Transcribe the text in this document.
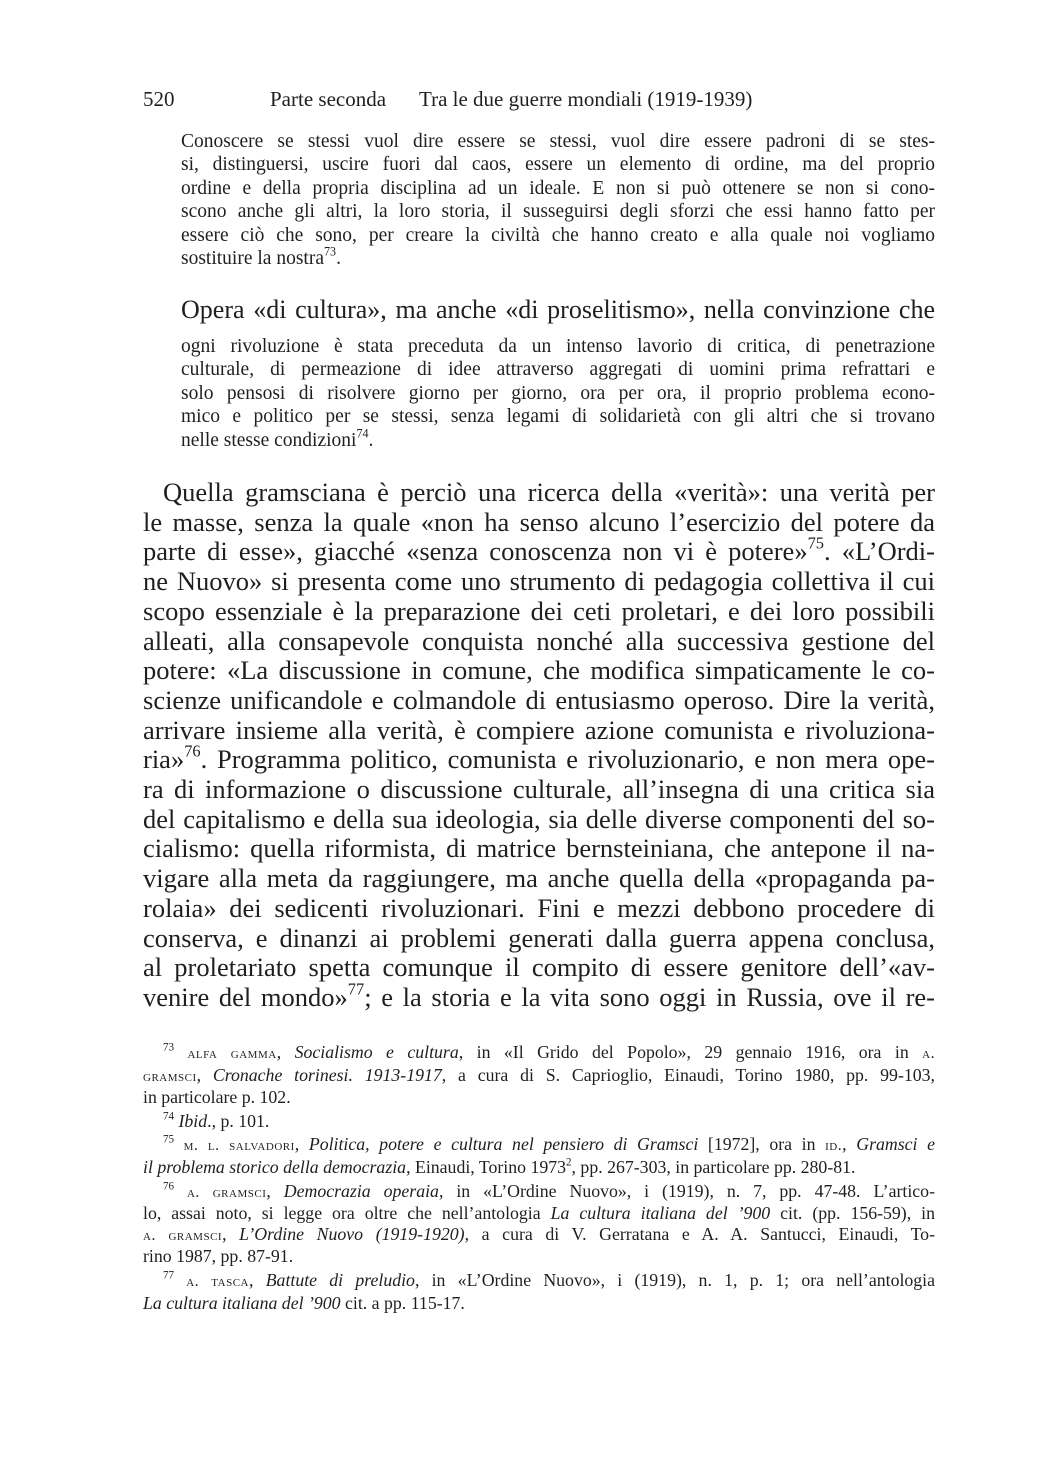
520	Parte seconda Tra le due guerre mondiali (1919-1939)
Conoscere se stessi vuol dire essere se stessi, vuol dire essere padroni di se stes-
si, distinguersi, uscire fuori dal caos, essere un elemento di ordine, ma del proprio
ordine e della propria disciplina ad un ideale. E non si può ottenere se non si cono-
scono anche gli altri, la loro storia, il susseguirsi degli sforzi che essi hanno fatto per
essere ciò che sono, per creare la civiltà che hanno creato e alla quale noi vogliamo
sostituire la nostra$^{73}$.
Opera «di cultura», ma anche «di proselitismo», nella convinzione che
ogni rivoluzione è stata preceduta da un intenso lavorio di critica, di penetrazione
culturale, di permeazione di idee attraverso aggregati di uomini prima refrattari e
solo pensosi di risolvere giorno per giorno, ora per ora, il proprio problema econo-
mico e politico per se stessi, senza legami di solidarietà con gli altri che si trovano
nelle stesse condizioni$^{74}$.
Quella gramsciana è perciò una ricerca della «verità»: una verità per
le masse, senza la quale «non ha senso alcuno l’esercizio del potere da
parte di esse», giacché «senza conoscenza non vi è potere»$^{75}$. «L’Ordi-
ne Nuovo» si presenta come uno strumento di pedagogia collettiva il cui
scopo essenziale è la preparazione dei ceti proletari, e dei loro possibili
alleati, alla consapevole conquista nonché alla successiva gestione del
potere: «La discussione in comune, che modifica simpaticamente le co-
scienze unificandole e colmandole di entusiasmo operoso. Dire la verità,
arrivare insieme alla verità, è compiere azione comunista e rivoluziona-
ria»$^{76}$. Programma politico, comunista e rivoluzionario, e non mera ope-
ra di informazione o discussione culturale, all’insegna di una critica sia
del capitalismo e della sua ideologia, sia delle diverse componenti del so-
cialismo: quella riformista, di matrice bernsteiniana, che antepone il na-
vigare alla meta da raggiungere, ma anche quella della «propaganda pa-
rolaia» dei sedicenti rivoluzionari. Fini e mezzi debbono procedere di
conserva, e dinanzi ai problemi generati dalla guerra appena conclusa,
al proletariato spetta comunque il compito di essere genitore dell’«av-
venire del mondo»$^{77}$; e la storia e la vita sono oggi in Russia, ove il re-

$^{73}$ alfa gamma, Socialismo e cultura, in «Il Grido del Popolo», 29 gennaio 1916, ora in a.
gramsci, Cronache torinesi. 1913-1917, a cura di S. Caprioglio, Einaudi, Torino 1980, pp. 99-103,
in particolare p. 102.

$^{74}$ Ibid., p. 101.

$^{75}$ m. l. salvadori, Politica, potere e cultura nel pensiero di Gramsci [1972], ora in id., Gramsci e
il problema storico della democrazia, Einaudi, Torino 1973$^2$, pp. 267-303, in particolare pp. 280-81.

$^{76}$ a. gramsci, Democrazia operaia, in «L’Ordine Nuovo», i (1919), n. 7, pp. 47-48. L’artico-
lo, assai noto, si legge ora oltre che nell’antologia La cultura italiana del ’900 cit. (pp. 156-59), in
a. gramsci, L’Ordine Nuovo (1919-1920), a cura di V. Gerratana e A. A. Santucci, Einaudi, To-
rino 1987, pp. 87-91.

$^{77}$ a. tasca, Battute di preludio, in «L’Ordine Nuovo», i (1919), n. 1, p. 1; ora nell’antologia
La cultura italiana del ’900 cit. a pp. 115-17.
